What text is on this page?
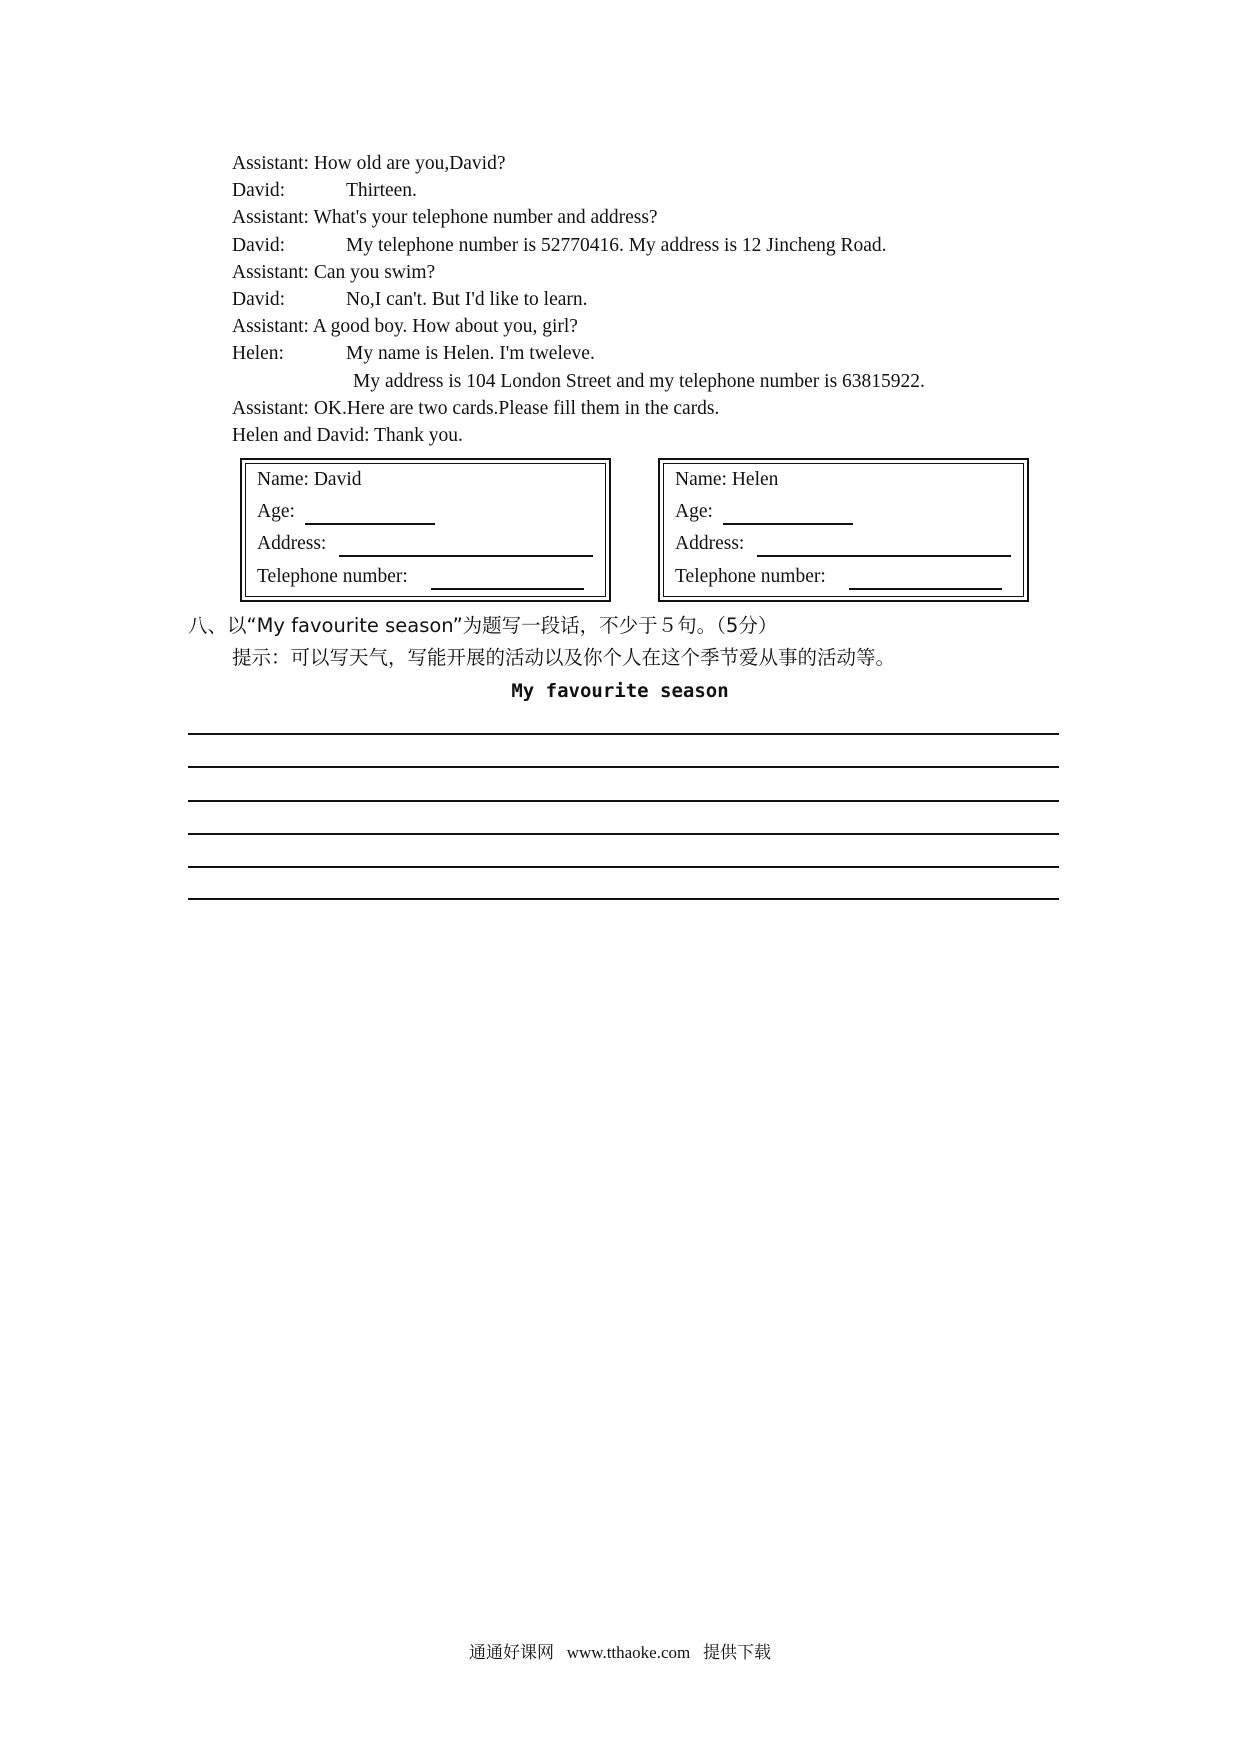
Assistant: How old are you,David?
David:	Thirteen.
Assistant: What's your telephone number and address?
David:	My telephone number is 52770416. My address is 12 Jincheng Road.
Assistant: Can you swim?
David:	No,I can't. But I'd like to learn.
Assistant: A good boy. How about you, girl?
Helen:	My name is Helen. I'm tweleve.
My address is 104 London Street and my telephone number is 63815922.
Assistant: OK.Here are two cards.Please fill them in the cards.
Helen and David: Thank you.
Name: David
Age:
Address:
Telephone number:
Name: Helen
Age:
Address:
Telephone number:
八、以“My favourite season”为题写一段话，不少于５句。（5分）
提示：可以写天气，写能开展的活动以及你个人在这个季节爱从事的活动等。
My favourite season
通通好课网 www.tthaoke.com 提供下载
